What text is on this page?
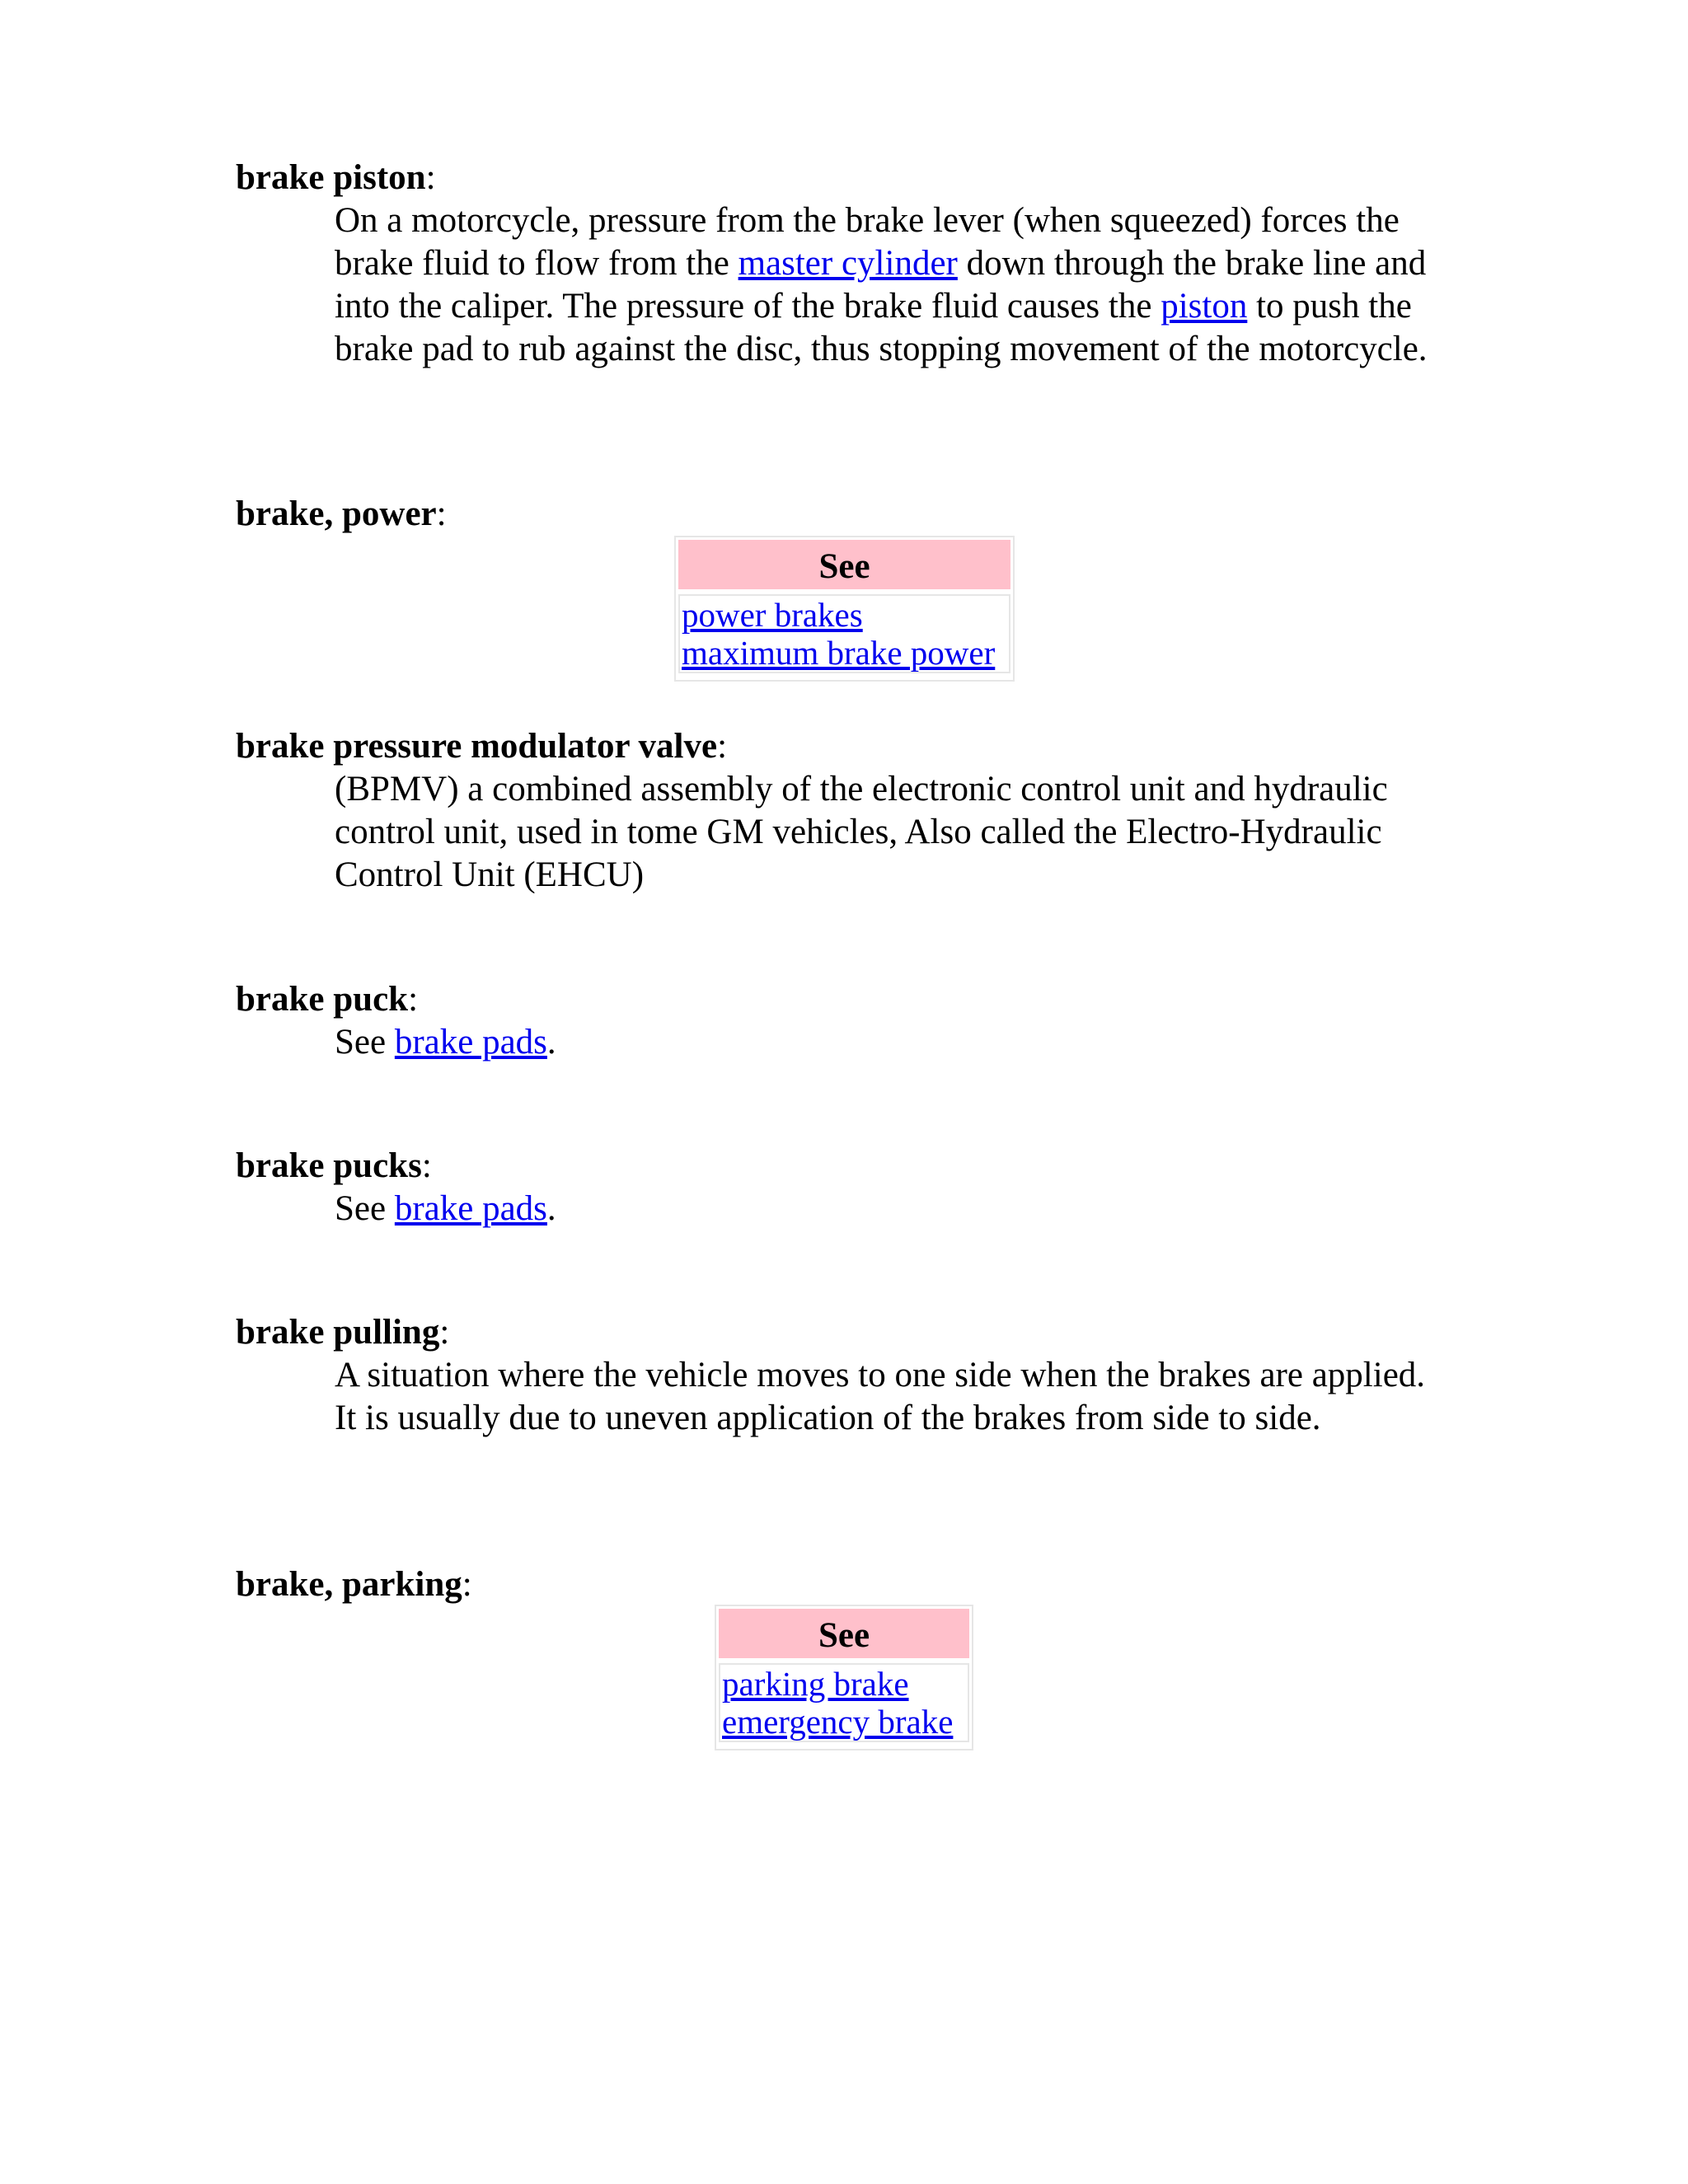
brake piston:

On a motorcycle, pressure from the brake lever (when squeezed) forces the brake fluid to flow from the master cylinder down through the brake line and into the caliper. The pressure of the brake fluid causes the piston to push the brake pad to rub against the disc, thus stopping movement of the motorcycle.

brake, power:

See
power brakes
maximum brake power

brake pressure modulator valve:

(BPMV) a combined assembly of the electronic control unit and hydraulic control unit, used in tome GM vehicles, Also called the Electro-Hydraulic Control Unit (EHCU)

brake puck:

See brake pads.

brake pucks:

See brake pads.

brake pulling:

A situation where the vehicle moves to one side when the brakes are applied. It is usually due to uneven application of the brakes from side to side.

brake, parking:

See
parking brake
emergency brake
